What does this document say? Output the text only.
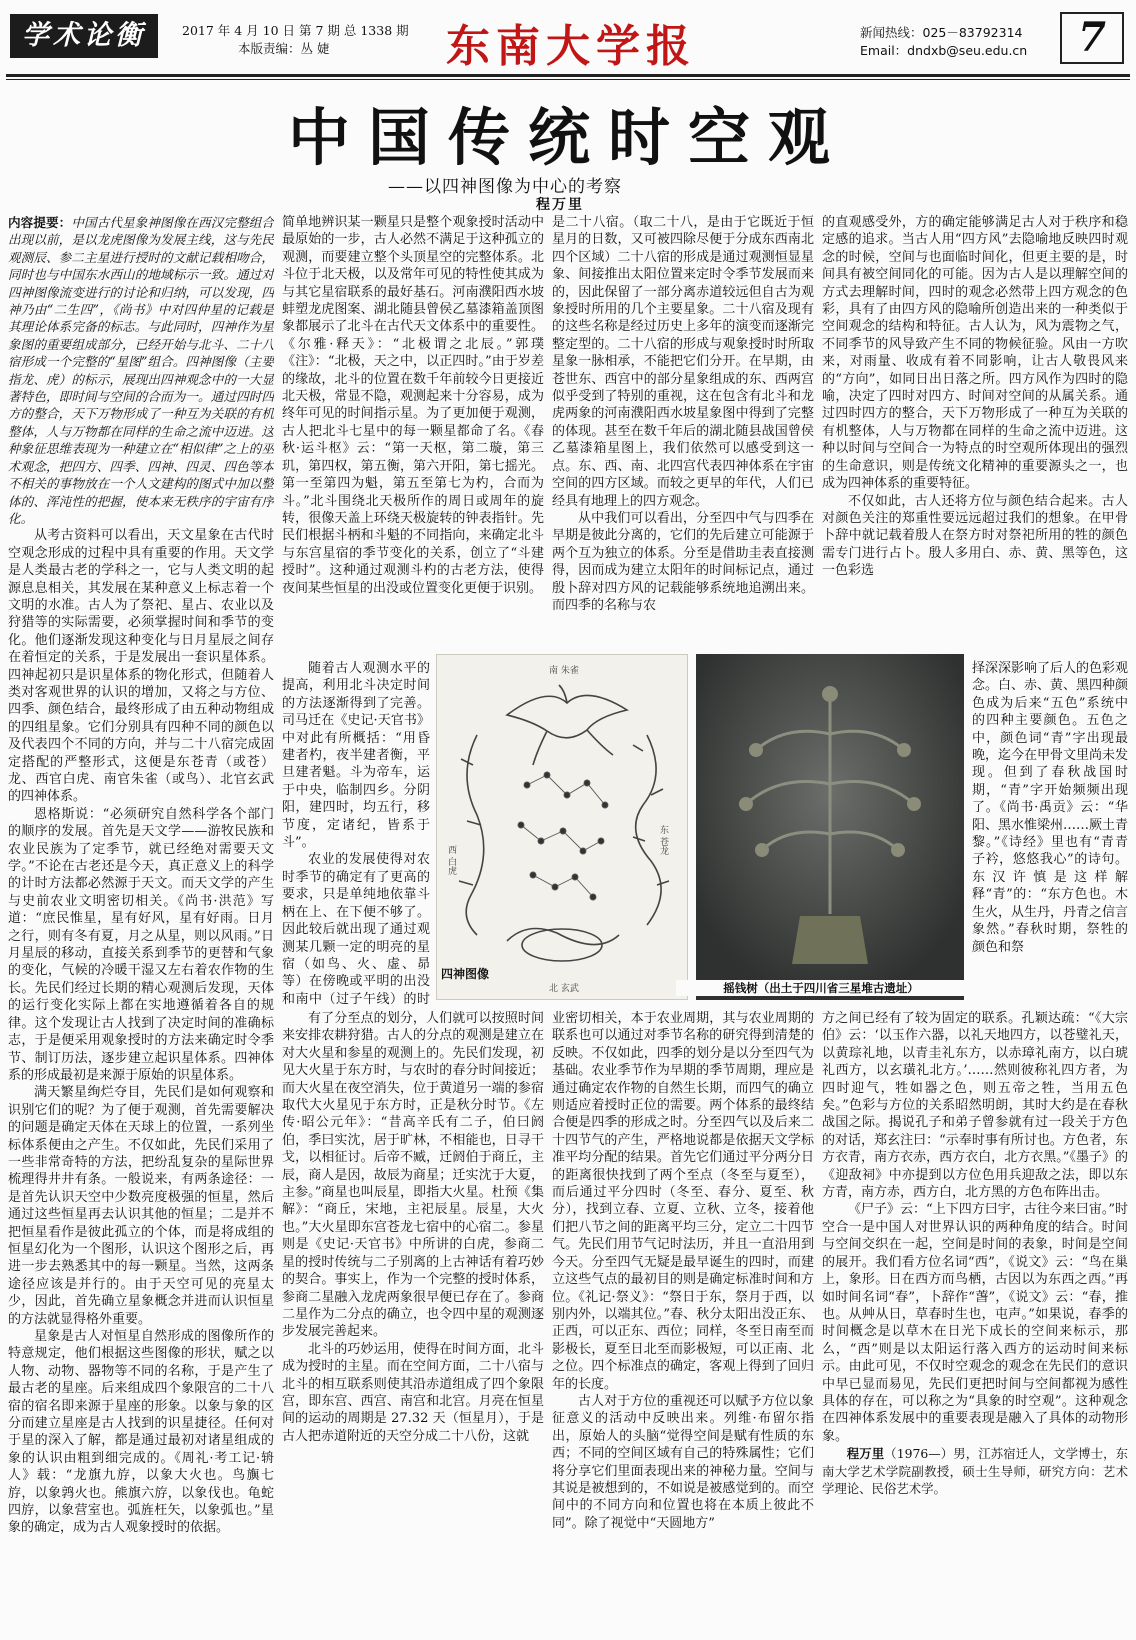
学术论衡	2017 年 4 月 10 日 第 7 期 总 1338 期
本版责编：丛 婕	东南大学报	新闻热线：025－83792314
Email：dndxb@seu.edu.cn	7
中国传统时空观
——以四神图像为中心的考察
程万里

内容提要：中国古代星象神图像在西汉完整组合出现以前，是以龙虎图像为发展主线，这与先民观测辰、参二主星进行授时的文献记载相吻合，同时也与中国东水西山的地域标示一致。通过对四神图像流变进行的讨论和归纳，可以发现，四神乃由“二生四”，《尚书》中对四仲星的记载是其理论体系完备的标志。与此同时，四神作为星象图的重要组成部分，已经开始与北斗、二十八宿形成一个完整的“星图”组合。四神图像（主要指龙、虎）的标示，展现出四神观念中的一大显著特色，即时间与空间的合而为一。通过四时四方的整合，天下万物形成了一种互为关联的有机整体，人与万物都在同样的生命之流中迈进。这种象征思维表现为一种建立在“相似律”之上的巫术观念，把四方、四季、四神、四灵、四色等本不相关的事物放在一个人文建构的图式中加以整体的、浑沌性的把握，使本来无秩序的宇宙有序化。

从考古资料可以看出，天文星象在古代时空观念形成的过程中具有重要的作用。天文学是人类最古老的学科之一，它与人类文明的起源息息相关，其发展在某种意义上标志着一个文明的水准。古人为了祭祀、星占、农业以及狩猎等的实际需要，必须掌握时间和季节的变化。他们逐渐发现这种变化与日月星辰之间存在着恒定的关系，于是发展出一套识星体系。四神起初只是识星体系的物化形式，但随着人类对客观世界的认识的增加，又将之与方位、四季、颜色结合，最终形成了由五种动物组成的四组星象。它们分别具有四种不同的颜色以及代表四个不同的方向，并与二十八宿完成固定搭配的严整形式，这便是东苍青（或苍）龙、西官白虎、南官朱雀（或鸟）、北官玄武的四神体系。

恩格斯说：“必须研究自然科学各个部门的顺序的发展。首先是天文学——游牧民族和农业民族为了定季节，就已经绝对需要天文学。”不论在古老还是今天，真正意义上的科学的计时方法都必然源于天文。而天文学的产生与史前农业文明密切相关。《尚书·洪范》写道：“庶民惟星，星有好风，星有好雨。日月之行，则有冬有夏，月之从星，则以风雨。”日月星辰的移动，直接关系到季节的更替和气象的变化，气候的冷暖干湿又左右着农作物的生长。先民们经过长期的精心观测后发现，天体的运行变化实际上都在实地遵循着各自的规律。这个发现让古人找到了决定时间的准确标志，于是便采用观象授时的方法来确定时令季节、制订历法，逐步建立起识星体系。四神体系的形成最初是来源于原始的识星体系。

满天繁星绚烂夺目，先民们是如何观察和识别它们的呢？为了便于观测，首先需要解决的问题是确定天体在天球上的位置，一系列坐标体系便由之产生。不仅如此，先民们采用了一些非常奇特的方法，把纷乱复杂的星际世界梳理得井井有条。一般说来，有两条途径：一是首先认识天空中少数亮度极强的恒星，然后通过这些恒星再去认识其他的恒星；二是并不把恒星看作是彼此孤立的个体，而是将成组的恒星幻化为一个图形，认识这个图形之后，再进一步去熟悉其中的每一颗星。当然，这两条途径应该是并行的。由于天空可见的亮星太少，因此，首先确立星象概念并进而认识恒星的方法就显得格外重要。

星象是古人对恒星自然形成的图像所作的特意规定，他们根据这些图像的形状，赋之以人物、动物、器物等不同的名称，于是产生了最古老的星座。后来组成四个象限宫的二十八宿的宿名即来源于星座的形象。以象与象的区分而建立星座是古人找到的识星捷径。任何对于星的深入了解，都是通过最初对诸星组成的象的认识由粗到细完成的。《周礼·考工记·辀人》载：“龙旗九斿，以象大火也。鸟旟七斿，以象鹑火也。熊旗六斿，以象伐也。龟蛇四斿，以象营室也。弧旌枉矢，以象弧也。”星象的确定，成为古人观象授时的依据。

简单地辨识某一颗星只是整个观象授时活动中最原始的一步，古人必然不满足于这种孤立的观测，而要建立整个头顶星空的完整体系。北斗位于北天极，以及常年可见的特性使其成为与其它星宿联系的最好基石。河南濮阳西水坡蚌塑龙虎图案、湖北随县曾侯乙墓漆箱盖顶图象都展示了北斗在古代天文体系中的重要性。《尔雅·释天》：“北极谓之北辰。”郭璞《注》：“北极，天之中，以正四时。”由于岁差的缘故，北斗的位置在数千年前较今日更接近北天极，常显不隐，观测起来十分容易，成为终年可见的时间指示星。为了更加便于观测，古人把北斗七星中的每一颗星都命了名。《春秋·运斗枢》云：“第一天枢，第二璇，第三玑，第四权，第五衡，第六开阳，第七摇光。第一至第四为魁，第五至第七为杓，合而为斗。”北斗围绕北天极所作的周日或周年的旋转，很像天盖上环绕天极旋转的钟表指针。先民们根据斗柄和斗魁的不同指向，来确定北斗与东宫星宿的季节变化的关系，创立了“斗建授时”。这种通过观测斗杓的古老方法，使得夜间某些恒星的出没或位置变化更便于识别。

随着古人观测水平的提高，利用北斗决定时间的方法逐渐得到了完善。司马迁在《史记·天官书》中对此有所概括：“用昏建者杓，夜半建者衡，平旦建者魁。斗为帝车，运于中央，临制四乡。分阴阳，建四时，均五行，移节度，定诸纪，皆系于斗”。

农业的发展使得对农时季节的确定有了更高的要求，只是单纯地依靠斗柄在上、在下便不够了。因此较后就出现了通过观测某几颗一定的明亮的星宿（如鸟、火、虚、昴等）在傍晚或平明的出没和南中（过子午线）的时

有了分至点的划分，人们就可以按照时间来安排农耕狩猎。古人的分点的观测是建立在对大火星和参星的观测上的。先民们发现，初见大火星于东方时，与农时的春分时间接近；而大火星在夜空消失，位于黄道另一端的参宿取代大火星见于东方时，正是秋分时节。《左传·昭公元年》：“昔高辛氏有二子，伯曰阏伯，季曰实沈，居于旷林，不相能也，日寻干戈，以相征讨。后帝不臧，迁阏伯于商丘，主辰，商人是因，故辰为商星；迁实沈于大夏，主参。”商星也叫辰星，即指大火星。杜预《集解》：“商丘，宋地，主祀辰星。辰星，大火也。”大火星即东宫苍龙七宿中的心宿二。参星则是《史记·天官书》中所讲的白虎，参商二星的授时传统与二子别离的上古神话有着巧妙的契合。事实上，作为一个完整的授时体系，参商二星融入龙虎两象很早便已存在了。参商二星作为二分点的确立，也令四中星的观测逐步发展完善起来。

北斗的巧妙运用，使得在时间方面，北斗成为授时的主星。而在空间方面，二十八宿与北斗的相互联系则使其沿赤道组成了四个象限宫，即东宫、西宫、南宫和北宫。月亮在恒星间的运动的周期是 27.32 天（恒星月），于是古人把赤道附近的天空分成二十八份，这就

是二十八宿。（取二十八，是由于它既近于恒星月的日数，又可被四除尽便于分成东西南北四个区域）二十八宿的形成是通过观测恒显星象、间接推出太阳位置来定时令季节发展而来的，因此保留了一部分离赤道较远但自古为观象授时所用的几个主要星象。二十八宿及现有的这些名称是经过历史上多年的演变而逐渐完整定型的。二十八宿的形成与观象授时时所取星象一脉相承，不能把它们分开。在早期，由苍世东、西宫中的部分星象组成的东、西两宫似乎受到了特别的重视，这在包含有北斗和龙虎两象的河南濮阳西水坡星象图中得到了完整的体现。甚至在数千年后的湖北随县战国曾侯乙墓漆箱星图上，我们依然可以感受到这一点。东、西、南、北四宫代表四神体系在宇宙空间的四方区域。而较之更早的年代，人们已经具有地理上的四方观念。

从中我们可以看出，分至四中气与四季在早期是彼此分离的，它们的先后建立可能源于两个互为独立的体系。分至是借助圭表直接测得，因而成为建立太阳年的时间标记点，通过殷卜辞对四方风的记载能够系统地追溯出来。而四季的名称与农

业密切相关，本于农业周期，其与农业周期的联系也可以通过对季节名称的研究得到清楚的反映。不仅如此，四季的划分是以分至四气为基础。农业季节作为早期的季节周期，理应是通过确定农作物的自然生长期，而四气的确立则适应着授时正位的需要。两个体系的最终结合便是四季的形成之时。分至四气以及后来二十四节气的产生，严格地说都是依据天文学标准平均分配的结果。首先它们通过平分两分日的距离很快找到了两个至点（冬至与夏至），而后通过平分四时（冬至、春分、夏至、秋分），找到立春、立夏、立秋、立冬，接着他们把八节之间的距离平均三分，定立二十四节气。先民们用节气记时法历，并且一直沿用到今天。分至四气无疑是最早诞生的四时，而建立这些气点的最初目的则是确定标准时间和方位。《礼记·祭义》：“祭日于东，祭月于西，以别内外，以端其位。”春、秋分太阳出没正东、正西，可以正东、西位；同样，冬至日南至而影极长，夏至日北至而影极短，可以正南、北之位。四个标准点的确定，客观上得到了回归年的长度。

古人对于方位的重视还可以赋予方位以象征意义的活动中反映出来。列维·布留尔指出，原始人的头脑“觉得空间是赋有性质的东西；不同的空间区域有自己的特殊属性；它们将分享它们里面表现出来的神秘力量。空间与其说是被想到的，不如说是被感觉到的。而空间中的不同方向和位置也将在本质上彼此不同”。除了视觉中“天圆地方”

的直观感受外，方的确定能够满足古人对于秩序和稳定感的追求。当古人用“四方风”去隐喻地反映四时观念的时候，空间与也面临时间化，但更主要的是，时间具有被空间同化的可能。因为古人是以理解空间的方式去理解时间，四时的观念必然带上四方观念的色彩，具有了由四方风的隐喻所创造出来的一种类似于空间观念的结构和特征。古人认为，风为震物之气，不同季节的风导致产生不同的物候征验。风由一方吹来，对雨量、收成有着不同影响，让古人敬畏风来的“方向”，如同日出日落之所。四方风作为四时的隐喻，决定了四时对四方、时间对空间的从属关系。通过四时四方的整合，天下万物形成了一种互为关联的有机整体，人与万物都在同样的生命之流中迈进。这种以时间与空间合一为特点的时空观所体现出的强烈的生命意识，则是传统文化精神的重要源头之一，也成为四神体系的重要特征。

不仅如此，古人还将方位与颜色结合起来。古人对颜色关注的郑重性要远远超过我们的想象。在甲骨卜辞中就记载着殷人在祭方时对祭祀所用的牲的颜色需专门进行占卜。殷人多用白、赤、黄、黑等色，这一色彩选

择深深影响了后人的色彩观念。白、赤、黄、黑四种颜色成为后来“五色”系统中的四种主要颜色。五色之中，颜色词“青”字出现最晚，迄今在甲骨文里尚未发现。但到了春秋战国时期，“青”字开始频频出现了。《尚书·禹贡》云：“华阳、黑水惟梁州……厥土青黎。”《诗经》里也有“青青子衿，悠悠我心”的诗句。东汉许慎是这样解释“青”的：“东方色也。木生火，从生丹，丹青之信言象然。”春秋时期，祭牲的颜色和祭

方之间已经有了较为固定的联系。孔颖达疏：“《大宗伯》云：‘以玉作六器，以礼天地四方，以苍璧礼天，以黄琮礼地，以青圭礼东方，以赤璋礼南方，以白琥礼西方，以玄璜礼北方。’……然则彼称礼四方者，为四时迎气，牲如器之色，则五帝之牲，当用五色矣。”色彩与方位的关系昭然明朗，其时大约是在春秋战国之际。揭说孔子和弟子曾参就有过一段关于方色的对话，郑玄注曰：“示奉时事有所讨也。方色者，东方衣青，南方衣赤，西方衣白，北方衣黑。”《墨子》的《迎敌祠》中亦提到以方位色用兵迎敌之法，即以东方青，南方赤，西方白，北方黑的方色布阵出击。

《尸子》云：“上下四方曰宇，古往今来曰宙。”时空合一是中国人对世界认识的两种角度的结合。时间与空间交织在一起，空间是时间的表象，时间是空间的展开。我们看方位名词“西”，《说文》云：“鸟在巢上，象形。日在西方而鸟栖，古因以为东西之西。”再如时间名词“春”，卜辞作“萅”，《说文》云：“春，推也。从艸从日，草春时生也，屯声。”如果说，春季的时间概念是以草木在日光下成长的空间来标示，那么，“西”则是以太阳运行落入西方的运动时间来标示。由此可见，不仅时空观念的观念在先民们的意识中早已显而易见，先民们更把时间与空间都视为感性具体的存在，可以称之为“具象的时空观”。这种观念在四神体系发展中的重要表现是融入了具体的动物形象。

程万里（1976—）男，江苏宿迁人，文学博士，东南大学艺术学院副教授，硕士生导师，研究方向：艺术学理论、民俗艺术学。

南 朱雀
东 苍龙
西 白虎
北 玄武
四神图像
摇钱树（出土于四川省三星堆古遗址）
